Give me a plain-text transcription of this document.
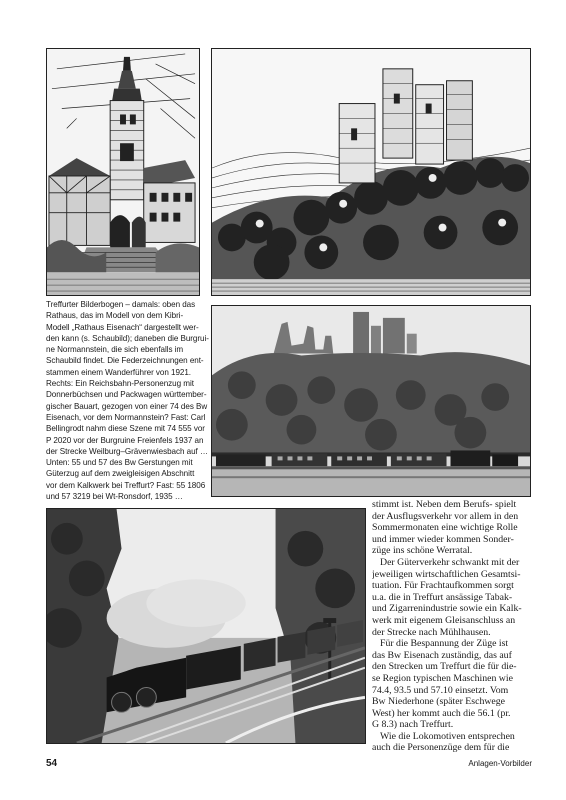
Treffurter Bilderbogen – damals: oben das
Rathaus, das im Modell von dem Kibri-
Modell „Rathaus Eisenach“ dargestellt wer-
den kann (s. Schaubild); daneben die Burgrui-
ne Normannstein, die sich ebenfalls im
Schaubild findet. Die Federzeichnungen ent-
stammen einem Wanderführer von 1921.
Rechts: Ein Reichsbahn-Personenzug mit
Donnerbüchsen und Packwagen württember-
gischer Bauart, gezogen von einer 74 des Bw
Eisenach, vor dem Normannstein? Fast: Carl
Bellingrodt nahm diese Szene mit 74 555 vor
P 2020 vor der Burgruine Freienfels 1937 an
der Strecke Weilburg–Grävenwiesbach auf …
Unten: 55 und 57 des Bw Gerstungen mit
Güterzug auf dem zweigleisigen Abschnitt
vor dem Kalkwerk bei Treffurt? Fast: 55 1806
und 57 3219 bei Wt-Ronsdorf, 1935 …

stimmt ist. Neben dem Berufs- spielt
der Ausflugsverkehr vor allem in den
Sommermonaten eine wichtige Rolle
und immer wieder kommen Sonder-
züge ins schöne Werratal.
Der Güterverkehr schwankt mit der
jeweiligen wirtschaftlichen Gesamtsi-
tuation. Für Frachtaufkommen sorgt
u.a. die in Treffurt ansässige Tabak-
und Zigarrenindustrie sowie ein Kalk-
werk mit eigenem Gleisanschluss an
der Strecke nach Mühlhausen.
Für die Bespannung der Züge ist
das Bw Eisenach zuständig, das auf
den Strecken um Treffurt die für die-
se Region typischen Maschinen wie
74.4, 93.5 und 57.10 einsetzt. Vom
Bw Niederhone (später Eschwege
West) her kommt auch die 56.1 (pr.
G 8.3) nach Treffurt.
Wie die Lokomotiven entsprechen
auch die Personenzüge dem für die

54	Anlagen-Vorbilder
